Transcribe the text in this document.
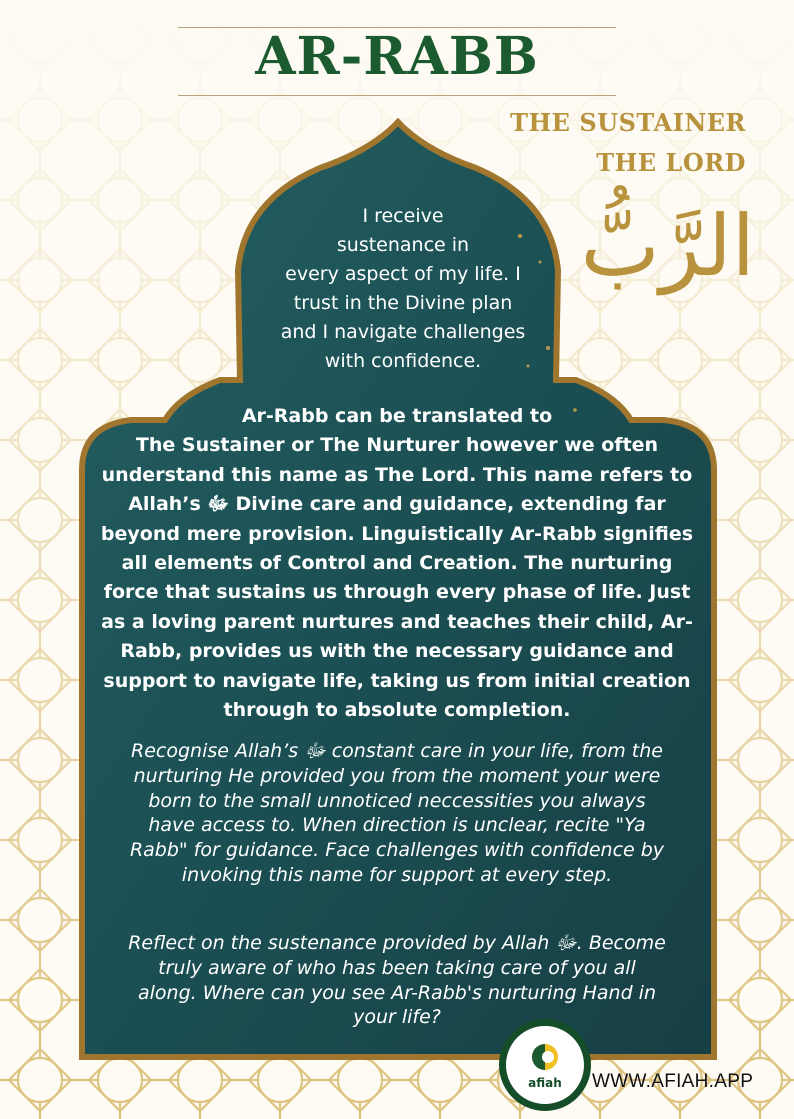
AR-RABB
THE SUSTAINER
THE LORD
الرَّبُّ

I receive
sustenance in
every aspect of my life. I
trust in the Divine plan
and I navigate challenges
with confidence.

Ar-Rabb can be translated to
The Sustainer or The Nurturer however we often
understand this name as The Lord. This name refers to
Allah’s ﷻ Divine care and guidance, extending far
beyond mere provision. Linguistically Ar-Rabb signifies
all elements of Control and Creation. The nurturing
force that sustains us through every phase of life. Just
as a loving parent nurtures and teaches their child, Ar-
Rabb, provides us with the necessary guidance and
support to navigate life, taking us from initial creation
through to absolute completion.

Recognise Allah’s ﷻ constant care in your life, from the
nurturing He provided you from the moment your were
born to the small unnoticed neccessities you always
have access to. When direction is unclear, recite "Ya
Rabb" for guidance. Face challenges with confidence by
invoking this name for support at every step.

Reflect on the sustenance provided by Allah ﷻ. Become
truly aware of who has been taking care of you all
along. Where can you see Ar-Rabb's nurturing Hand in
your life?

afiah	WWW.AFIAH.APP
